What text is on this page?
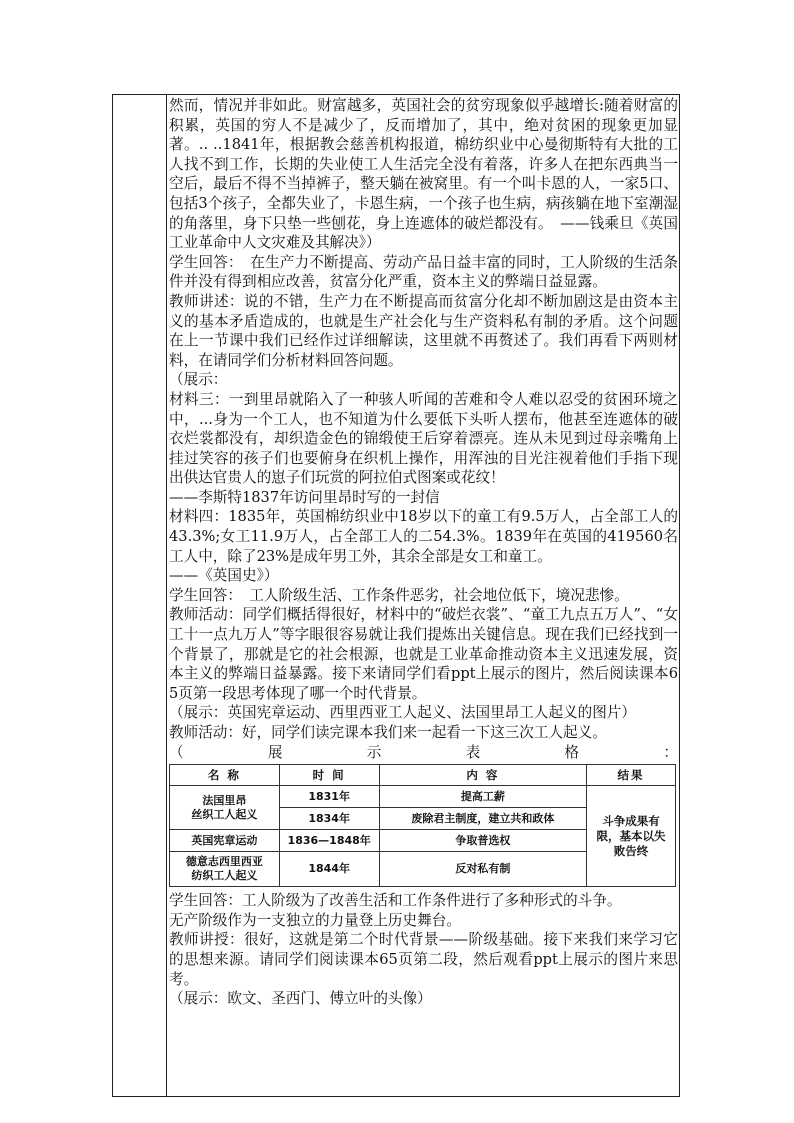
然而，情况并非如此。财富越多，英国社会的贫穷现象似乎越增长:随着财富的积累，英国的穷人不是减少了，反而增加了，其中，绝对贫困的现象更加显著。.. ..1841年，根据教会慈善机构报道，棉纺织业中心曼彻斯特有大批的工人找不到工作，长期的失业使工人生活完全没有着落，许多人在把东西典当一空后，最后不得不当掉裤子，整天躺在被窝里。有一个叫卡恩的人，一家5口、包括3个孩子，全都失业了，卡恩生病，一个孩子也生病，病孩躺在地下室潮湿的角落里，身下只垫一些刨花，身上连遮体的破烂都没有。　——钱乘旦《英国工业革命中人文灾难及其解决》）

学生回答：　在生产力不断提高、劳动产品日益丰富的同时，工人阶级的生活条件并没有得到相应改善，贫富分化严重，资本主义的弊端日益显露。

教师讲述：说的不错，生产力在不断提高而贫富分化却不断加剧这是由资本主义的基本矛盾造成的，也就是生产社会化与生产资料私有制的矛盾。这个问题在上一节课中我们已经作过详细解读，这里就不再赘述了。我们再看下两则材料，在请同学们分析材料回答问题。

（展示：

材料三：一到里昂就陷入了一种骇人听闻的苦难和令人难以忍受的贫困环境之中，...身为一个工人，也不知道为什么要低下头听人摆布，他甚至连遮体的破衣烂裳都没有，却织造金色的锦缎使王后穿着漂亮。连从未见到过母亲嘴角上挂过笑容的孩子们也要俯身在织机上操作，用浑浊的目光注视着他们手指下现出供达官贵人的崽子们玩赏的阿拉伯式图案或花纹！

——李斯特1837年访问里昂时写的一封信

材料四：1835年，英国棉纺织业中18岁以下的童工有9.5万人，占全部工人的43.3%;女工11.9万人，占全部工人的二54.3%。1839年在英国的419560名工人中，除了23%是成年男工外，其余全部是女工和童工。

——《英国史》）

学生回答：　工人阶级生活、工作条件恶劣，社会地位低下，境况悲惨。

教师活动：同学们概括得很好，材料中的“破烂衣裳”、“童工九点五万人”、“女工十一点九万人”等字眼很容易就让我们提炼出关键信息。现在我们已经找到一个背景了，那就是它的社会根源，也就是工业革命推动资本主义迅速发展，资本主义的弊端日益暴露。接下来请同学们看ppt上展示的图片，然后阅读课本65页第一段思考体现了哪一个时代背景。

（展示：英国宪章运动、西里西亚工人起义、法国里昂工人起义的图片）

教师活动：好，同学们读完课本我们来一起看一下这三次工人起义。

（	展	示	表	格	：
名 称	时 间	内 容	结果
法国里昂
丝织工人起义	1831年	提高工薪	斗争成果有限，基本以失败告终
	1834年	废除君主制度，建立共和政体	
英国宪章运动	1836—1848年	争取普选权	
德意志西里西亚
纺织工人起义	1844年	反对私有制	

学生回答：工人阶级为了改善生活和工作条件进行了多种形式的斗争。

无产阶级作为一支独立的力量登上历史舞台。

教师讲授：很好，这就是第二个时代背景——阶级基础。接下来我们来学习它的思想来源。请同学们阅读课本65页第二段，然后观看ppt上展示的图片来思考。

（展示：欧文、圣西门、傅立叶的头像）
